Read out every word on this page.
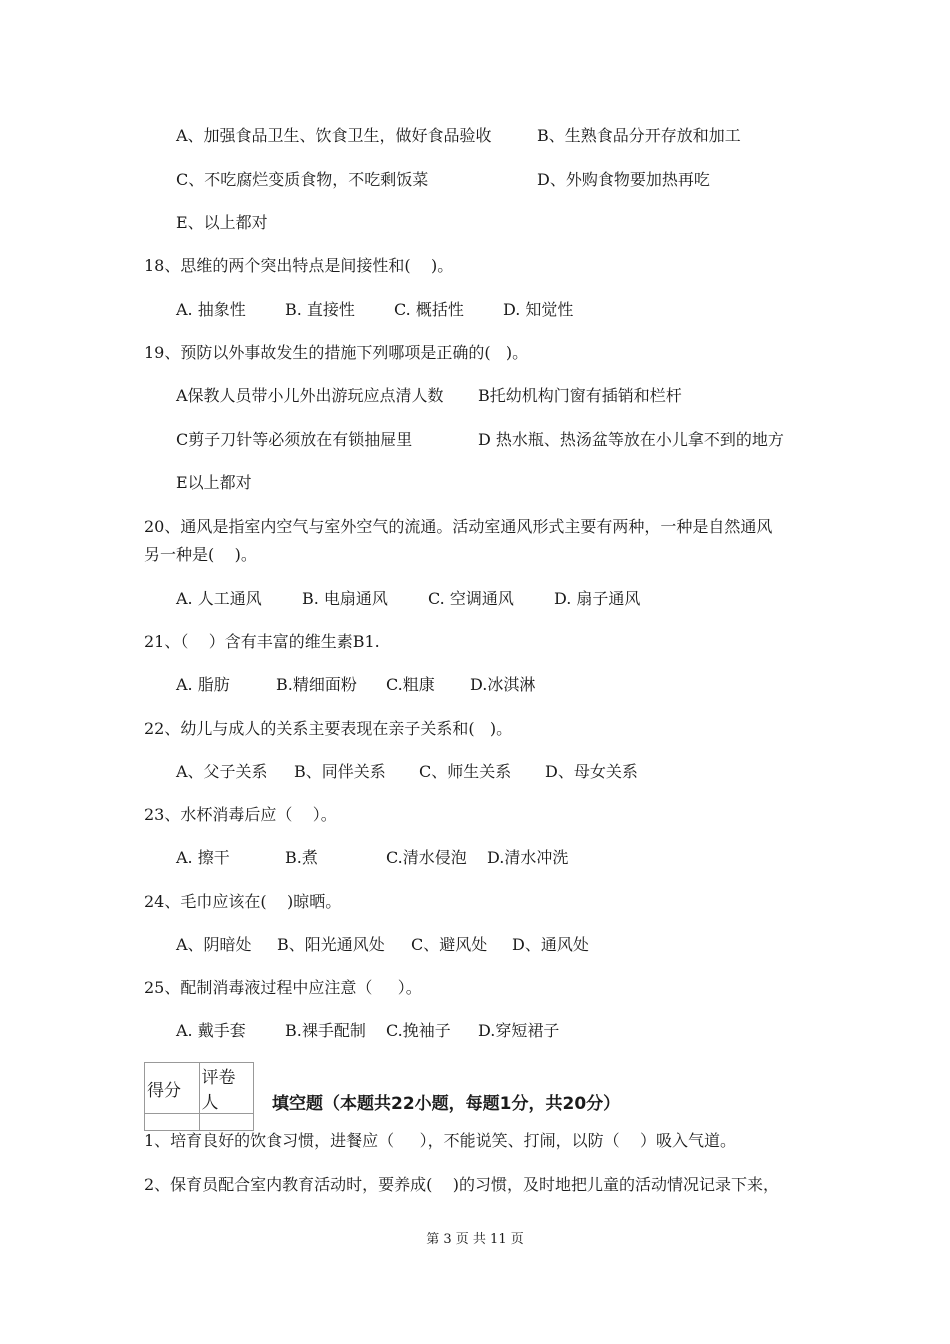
A、加强食品卫生、饮食卫生，做好食品验收	B、生熟食品分开存放和加工
C、不吃腐烂变质食物，不吃剩饭菜	D、外购食物要加热再吃
E、以上都对
18、思维的两个突出特点是间接性和(    )。
A. 抽象性 B. 直接性 C. 概括性 D. 知觉性
19、预防以外事故发生的措施下列哪项是正确的(   )。
A保教人员带小儿外出游玩应点清人数 B托幼机构门窗有插销和栏杆
C剪子刀针等必须放在有锁抽屉里	D 热水瓶、热汤盆等放在小儿拿不到的地方
E以上都对
20、通风是指室内空气与室外空气的流通。活动室通风形式主要有两种，一种是自然通风
另一种是(    )。
A. 人工通风	B. 电扇通风	C. 空调通风	D. 扇子通风
21、（    ）含有丰富的维生素B1.
A. 脂肪	B.精细面粉 C.粗康 D.冰淇淋
22、幼儿与成人的关系主要表现在亲子关系和(   )。
A、父子关系 B、同伴关系 C、师生关系 D、母女关系
23、水杯消毒后应（    ）。
A. 擦干	B.煮	C.清水侵泡 D.清水冲洗
24、毛巾应该在(    )晾晒。
A、阴暗处 B、阳光通风处 C、避风处 D、通风处
25、配制消毒液过程中应注意（     ）。
A. 戴手套 B.裸手配制 C.挽袖子 D.穿短裙子
得分	评卷人
		填空题（本题共22小题，每题1分，共20分）
1、培育良好的饮食习惯，进餐应（     ），不能说笑、打闹，以防（    ）吸入气道。
2、保育员配合室内教育活动时，要养成(    )的习惯，及时地把儿童的活动情况记录下来，
第 3 页 共 11 页
